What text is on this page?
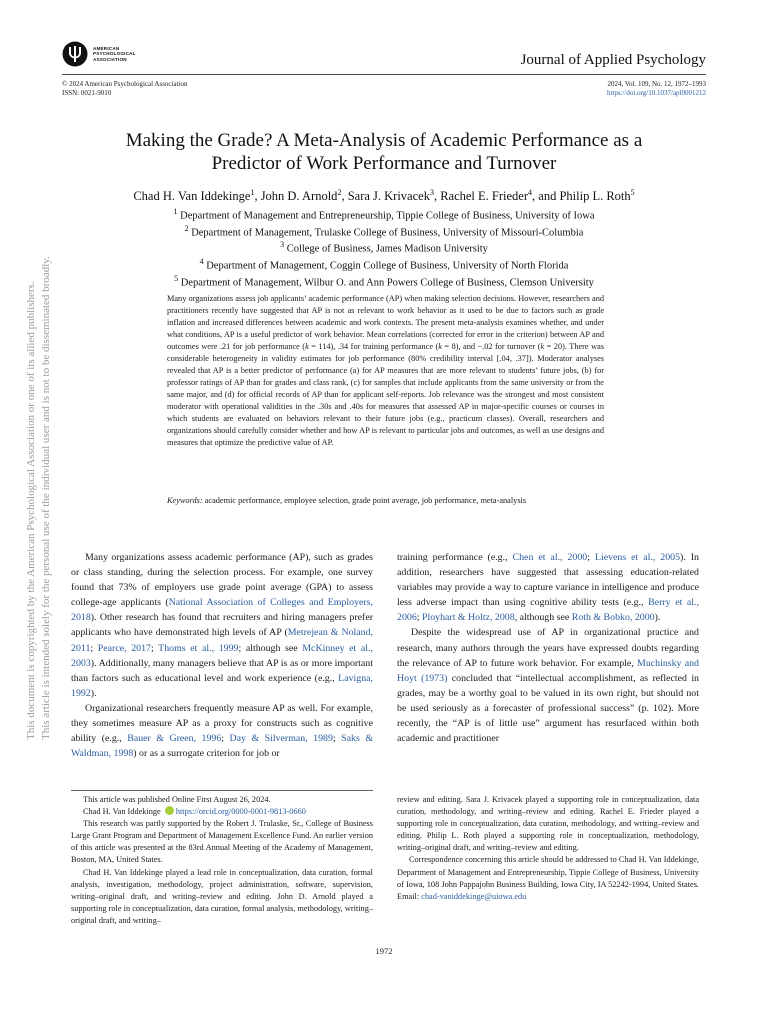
This document is copyrighted by the American Psychological Association or one of its allied publishers. This article is intended solely for the personal use of the individual user and is not to be disseminated broadly.
AMERICAN
PSYCHOLOGICAL
ASSOCIATION	Journal of Applied Psychology
© 2024 American Psychological Association
ISSN: 0021-9010
2024, Vol. 109, No. 12, 1972–1993
https://doi.org/10.1037/apl0001212
Making the Grade? A Meta-Analysis of Academic Performance as a
Predictor of Work Performance and Turnover
Chad H. Van Iddekinge$^1$, John D. Arnold$^2$, Sara J. Krivacek$^3$, Rachel E. Frieder$^4$, and Philip L. Roth$^5$
$^1$ Department of Management and Entrepreneurship, Tippie College of Business, University of Iowa
$^2$ Department of Management, Trulaske College of Business, University of Missouri-Columbia
$^3$ College of Business, James Madison University
$^4$ Department of Management, Coggin College of Business, University of North Florida
$^5$ Department of Management, Wilbur O. and Ann Powers College of Business, Clemson University
Many organizations assess job applicants’ academic performance (AP) when making selection decisions. However, researchers and practitioners recently have suggested that AP is not as relevant to work behavior as it used to be due to factors such as grade inflation and increased differences between academic and work contexts. The present meta-analysis examines whether, and under what conditions, AP is a useful predictor of work behavior. Mean correlations (corrected for error in the criterion) between AP and outcomes were .21 for job performance (k = 114), .34 for training performance (k = 8), and −.02 for turnover (k = 20). There was considerable heterogeneity in validity estimates for job performance (80% credibility interval [.04, .37]). Moderator analyses revealed that AP is a better predictor of performance (a) for AP measures that are more relevant to students’ future jobs, (b) for professor ratings of AP than for grades and class rank, (c) for samples that include applicants from the same university or from the same major, and (d) for official records of AP than for applicant self-reports. Job relevance was the strongest and most consistent moderator with operational validities in the .30s and .40s for measures that assessed AP in major-specific courses or courses in which students are evaluated on behaviors relevant to their future jobs (e.g., practicum classes). Overall, researchers and organizations should carefully consider whether and how AP is relevant to particular jobs and outcomes, as well as use designs and measures that optimize the predictive value of AP.
Keywords: academic performance, employee selection, grade point average, job performance, meta-analysis

Many organizations assess academic performance (AP), such as grades or class standing, during the selection process. For example, one survey found that 73% of employers use grade point average (GPA) to assess college-age applicants (National Association of Colleges and Employers, 2018). Other research has found that recruiters and hiring managers prefer applicants who have demonstrated high levels of AP (Metrejean & Noland, 2011; Pearce, 2017; Thoms et al., 1999; although see McKinney et al., 2003). Additionally, many managers believe that AP is as or more important than factors such as educational level and work experience (e.g., Lavigna, 1992).

Organizational researchers frequently measure AP as well. For example, they sometimes measure AP as a proxy for constructs such as cognitive ability (e.g., Bauer & Green, 1996; Day & Silverman, 1989; Saks & Waldman, 1998) or as a surrogate criterion for job or

training performance (e.g., Chen et al., 2000; Lievens et al., 2005). In addition, researchers have suggested that assessing education-related variables may provide a way to capture variance in intelligence and produce less adverse impact than using cognitive ability tests (e.g., Berry et al., 2006; Ployhart & Holtz, 2008, although see Roth & Bobko, 2000).

Despite the widespread use of AP in organizational practice and research, many authors through the years have expressed doubts regarding the relevance of AP to future work behavior. For example, Muchinsky and Hoyt (1973) concluded that “intellectual accomplishment, as reflected in grades, may be a worthy goal to be valued in its own right, but should not be used seriously as a forecaster of professional success” (p. 102). More recently, the “AP is of little use” argument has resurfaced within both academic and practitioner

This article was published Online First August 26, 2024.

Chad H. Van Iddekinge https://orcid.org/0000-0001-9813-0660

This research was partly supported by the Robert J. Trulaske, Sr., College of Business Large Grant Program and Department of Management Excellence Fund. An earlier version of this article was presented at the 83rd Annual Meeting of the Academy of Management, Boston, MA, United States.

Chad H. Van Iddekinge played a lead role in conceptualization, data curation, formal analysis, investigation, methodology, project administration, software, supervision, writing–original draft, and writing–review and editing. John D. Arnold played a supporting role in conceptualization, data curation, formal analysis, methodology, writing–original draft, and writing–

review and editing. Sara J. Krivacek played a supporting role in conceptualization, data curation, methodology, and writing–review and editing. Rachel E. Frieder played a supporting role in conceptualization, data curation, methodology, and writing–review and editing. Philip L. Roth played a supporting role in conceptualization, methodology, writing–original draft, and writing–review and editing.

Correspondence concerning this article should be addressed to Chad H. Van Iddekinge, Department of Management and Entrepreneurship, Tippie College of Business, University of Iowa, 108 John Pappajohn Business Building, Iowa City, IA 52242-1994, United States. Email: chad-vaniddekinge@uiowa.edu

1972
